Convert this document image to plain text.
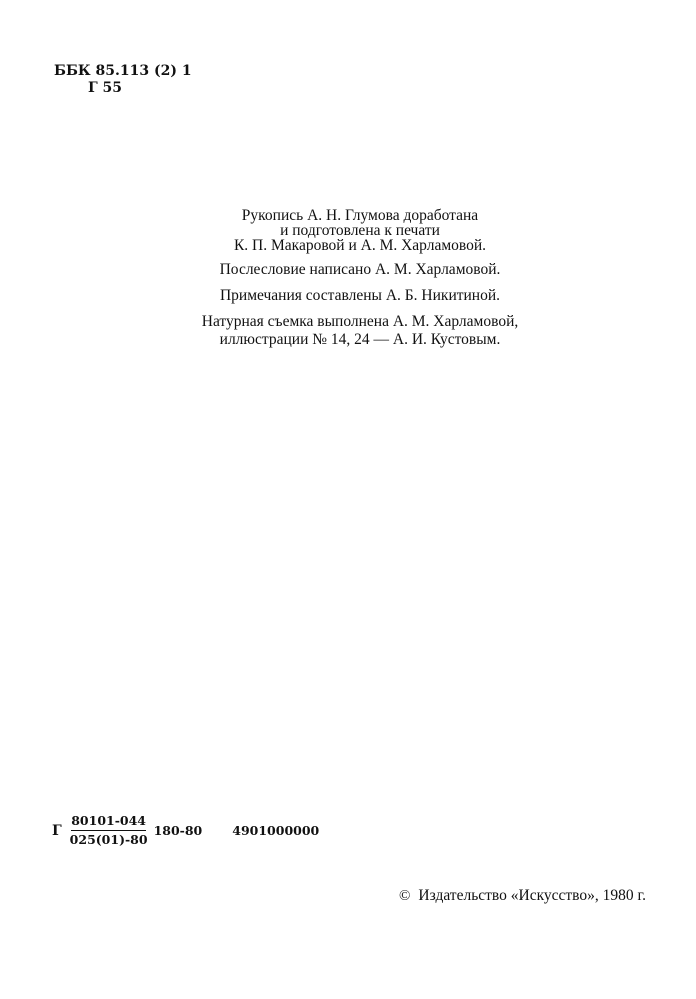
ББК 85.113 (2) 1
Г 55
Рукопись А. Н. Глумова доработана
и подготовлена к печати
К. П. Макаровой и А. М. Харламовой.
Послесловие написано А. М. Харламовой.
Примечания составлены А. Б. Никитиной.
Натурная съемка выполнена А. М. Харламовой,
иллюстрации № 14, 24 — А. И. Кустовым.
Г $\frac{80101-044}{025(01)-80} 180-80$ 4901000000
© Издательство «Искусство», 1980 г.
